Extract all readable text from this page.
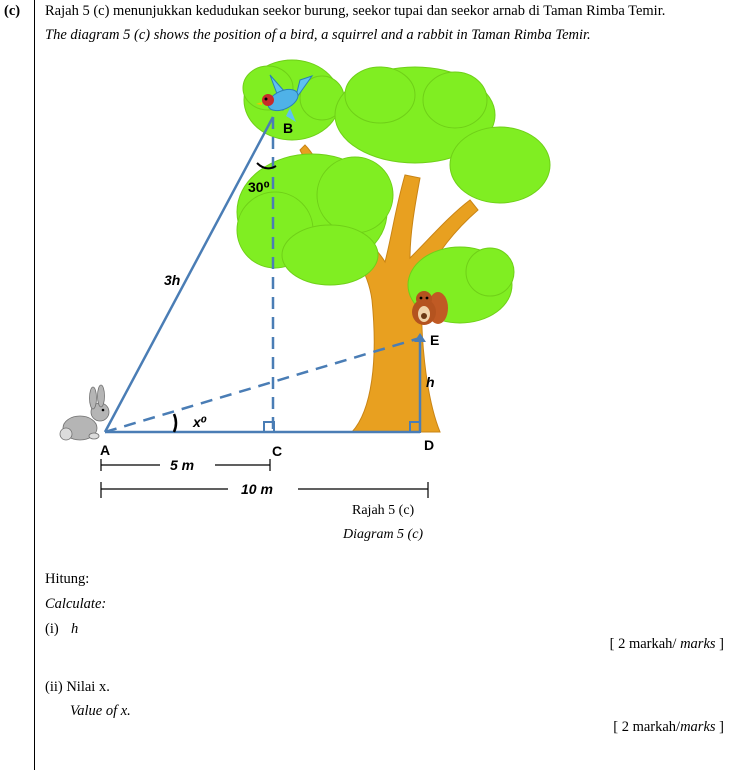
(c) Rajah 5 (c) menunjukkan kedudukan seekor burung, seekor tupai dan seekor arnab di Taman Rimba Temir.
The diagram 5 (c) shows the position of a bird, a squirrel and a rabbit in Taman Rimba Temir.
B
A	C	D
E
3h
h
30⁰
x⁰
5 m
10 m
Rajah 5 (c)
Diagram 5 (c)
Hitung:
Calculate:
(i) h
[ 2 markah/ marks ]
(ii) Nilai x.
Value of x.
[ 2 markah/marks ]
